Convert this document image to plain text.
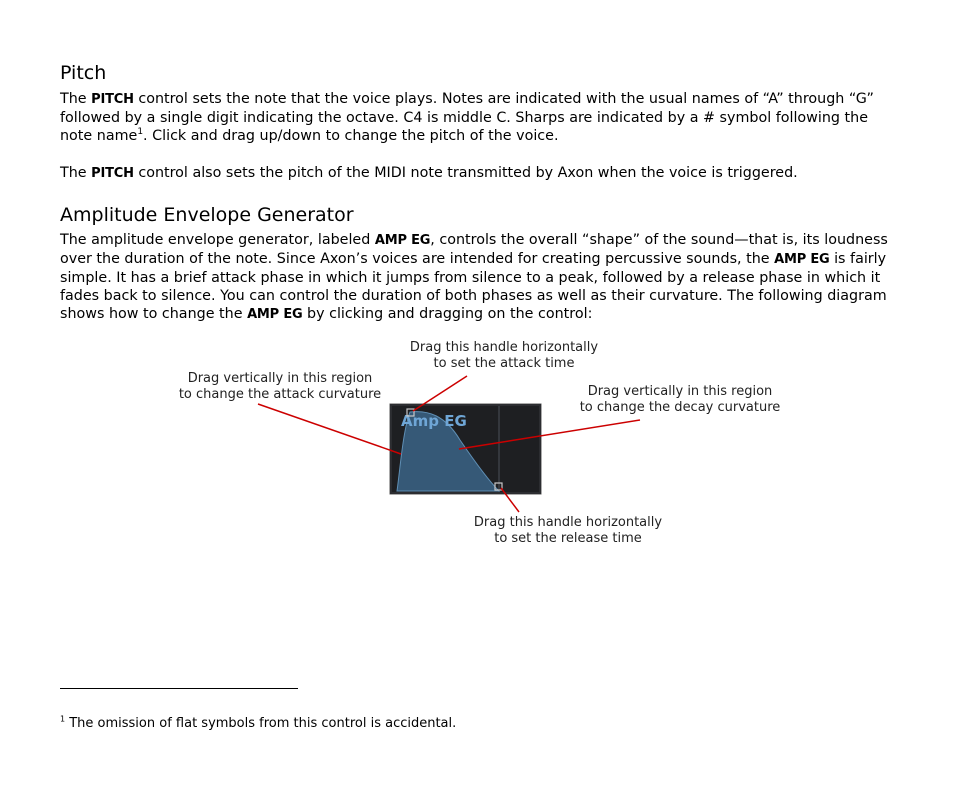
Pitch

The PITCH control sets the note that the voice plays. Notes are indicated with the usual names of “A” through “G” followed by a single digit indicating the octave. C4 is middle C. Sharps are indicated by a # symbol following the note name$^1$. Click and drag up/down to change the pitch of the voice.

The PITCH control also sets the pitch of the MIDI note transmitted by Axon when the voice is triggered.

Amplitude Envelope Generator

The amplitude envelope generator, labeled AMP EG, controls the overall “shape” of the sound—that is, its loudness over the duration of the note. Since Axon’s voices are intended for creating percussive sounds, the AMP EG is fairly simple. It has a brief attack phase in which it jumps from silence to a peak, followed by a release phase in which it fades back to silence. You can control the duration of both phases as well as their curvature. The following diagram shows how to change the AMP EG by clicking and dragging on the control:

Drag this handle horizontally
to set the attack time
Drag vertically in this region
to change the attack curvature	Drag vertically in this region
to change the decay curvature
Drag this handle horizontally
to set the release time
Amp EG

$^1$ The omission of flat symbols from this control is accidental.
